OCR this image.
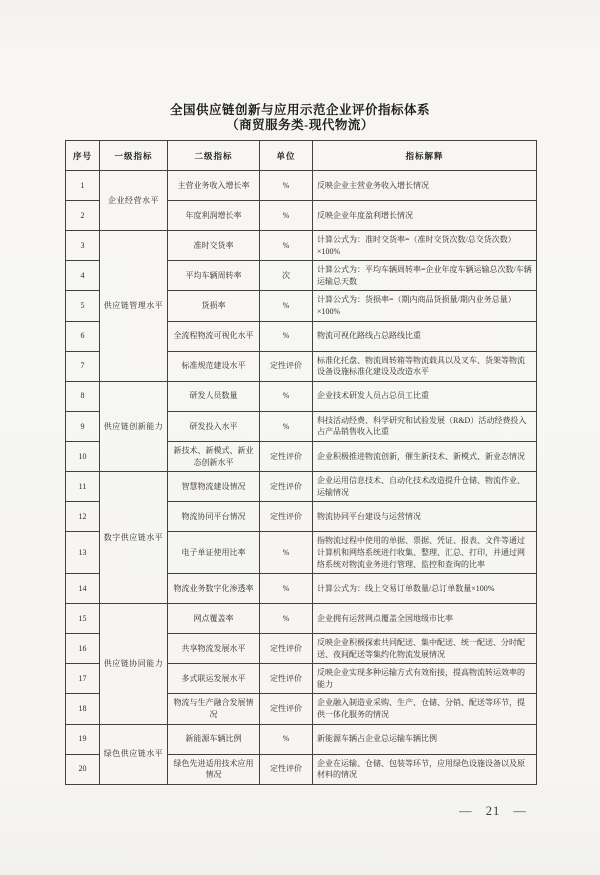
全国供应链创新与应用示范企业评价指标体系
（商贸服务类-现代物流）
序号	一级指标	二级指标	单位	指标解释
1	企业经营水平	主营业务收入增长率	%	反映企业主营业务收入增长情况
2		年度利润增长率	%	反映企业年度盈利增长情况
3	供应链管理水平	准时交货率	%	计算公式为：准时交货率=（准时交货次数/总交货次数）×100%
4		平均车辆周转率	次	计算公式为：平均车辆周转率=企业年度车辆运输总次数/车辆运输总天数
5		货损率	%	计算公式为：货损率=（期内商品货损量/期内业务总量）×100%
6		全流程物流可视化水平	%	物流可视化路线占总路线比重
7		标准规范建设水平	定性评价	标准化托盘、物流周转箱等物流载具以及叉车、货架等物流设备设施标准化建设及改造水平
8	供应链创新能力	研发人员数量	%	企业技术研发人员占总员工比重
9		研发投入水平	%	科技活动经费、科学研究和试验发展（R&D）活动经费投入占产品销售收入比重
10		新技术、新模式、新业态创新水平	定性评价	企业积极推进物流创新，催生新技术、新模式、新业态情况
11	数字供应链水平	智慧物流建设情况	定性评价	企业运用信息技术、自动化技术改造提升仓储、物流作业、运输情况
12		物流协同平台情况	定性评价	物流协同平台建设与运营情况
13		电子单证使用比率	%	指物流过程中使用的单据、票据、凭证、报表、文件等通过计算机和网络系统进行收集、整理、汇总、打印，并通过网络系统对物流业务进行管理、监控和查询的比率
14		物流业务数字化渗透率	%	计算公式为：线上交易订单数量/总订单数量×100%
15	供应链协同能力	网点覆盖率	%	企业拥有运营网点覆盖全国地级市比率
16		共享物流发展水平	定性评价	反映企业积极探索共同配送、集中配送、统一配送、分时配送、夜间配送等集约化物流发展情况
17		多式联运发展水平	定性评价	反映企业实现多种运输方式有效衔接，提高物流转运效率的能力
18		物流与生产融合发展情况	定性评价	企业融入制造业采购、生产、仓储、分销、配送等环节，提供一体化服务的情况
19	绿色供应链水平	新能源车辆比例	%	新能源车辆占企业总运输车辆比例
20		绿色先进适用技术应用情况	定性评价	企业在运输、仓储、包装等环节，应用绿色设施设备以及原材料的情况
— 21 —
